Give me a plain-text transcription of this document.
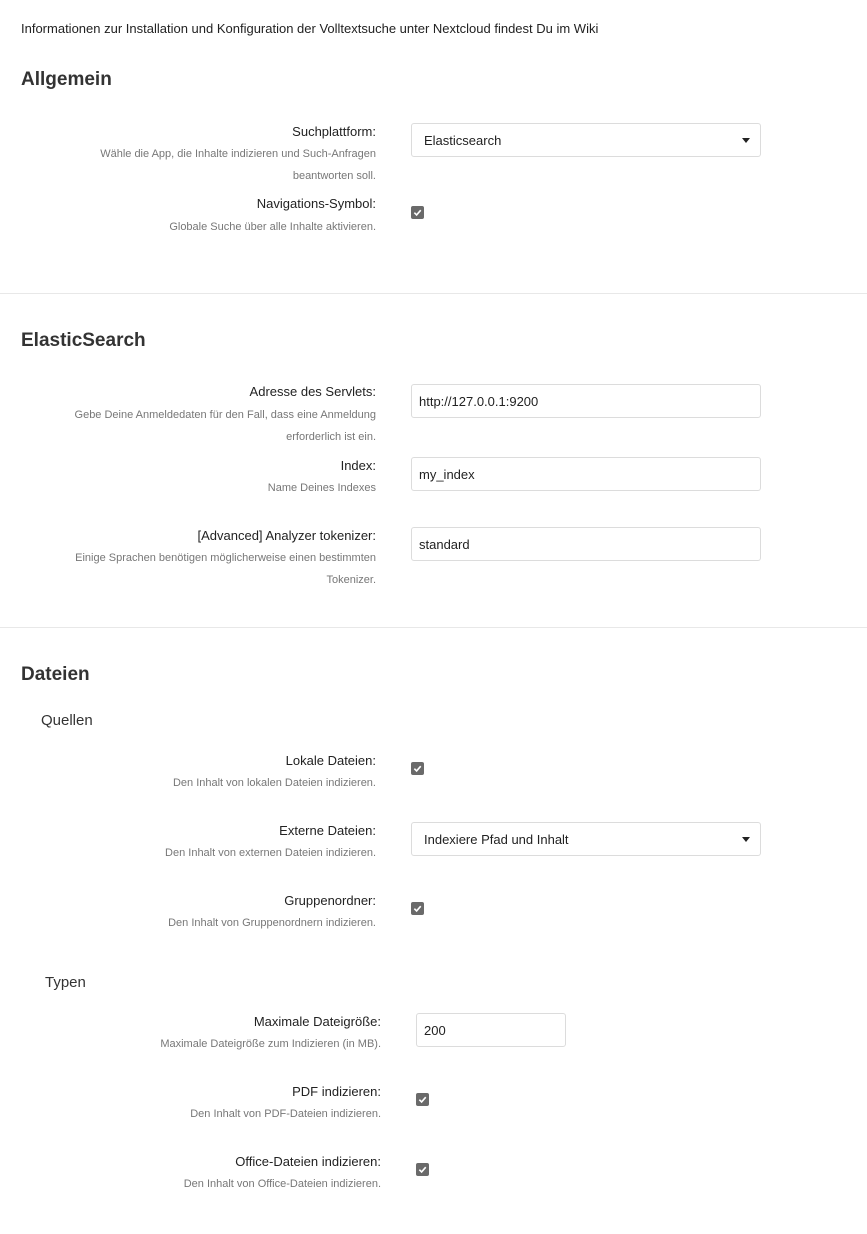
Informationen zur Installation und Konfiguration der Volltextsuche unter Nextcloud findest Du im Wiki
Allgemein
Suchplattform:
Wähle die App, die Inhalte indizieren und Such-Anfragen
beantworten soll.
Elasticsearch
Navigations-Symbol:
Globale Suche über alle Inhalte aktivieren.
ElasticSearch
Adresse des Servlets:
Gebe Deine Anmeldedaten für den Fall, dass eine Anmeldung
erforderlich ist ein.
http://127.0.0.1:9200
Index:
Name Deines Indexes
my_index
[Advanced] Analyzer tokenizer:
Einige Sprachen benötigen möglicherweise einen bestimmten
Tokenizer.
standard
Dateien
Quellen
Lokale Dateien:
Den Inhalt von lokalen Dateien indizieren.
Externe Dateien:
Den Inhalt von externen Dateien indizieren.
Indexiere Pfad und Inhalt
Gruppenordner:
Den Inhalt von Gruppenordnern indizieren.
Typen
Maximale Dateigröße:
Maximale Dateigröße zum Indizieren (in MB).
200
PDF indizieren:
Den Inhalt von PDF-Dateien indizieren.
Office-Dateien indizieren:
Den Inhalt von Office-Dateien indizieren.
